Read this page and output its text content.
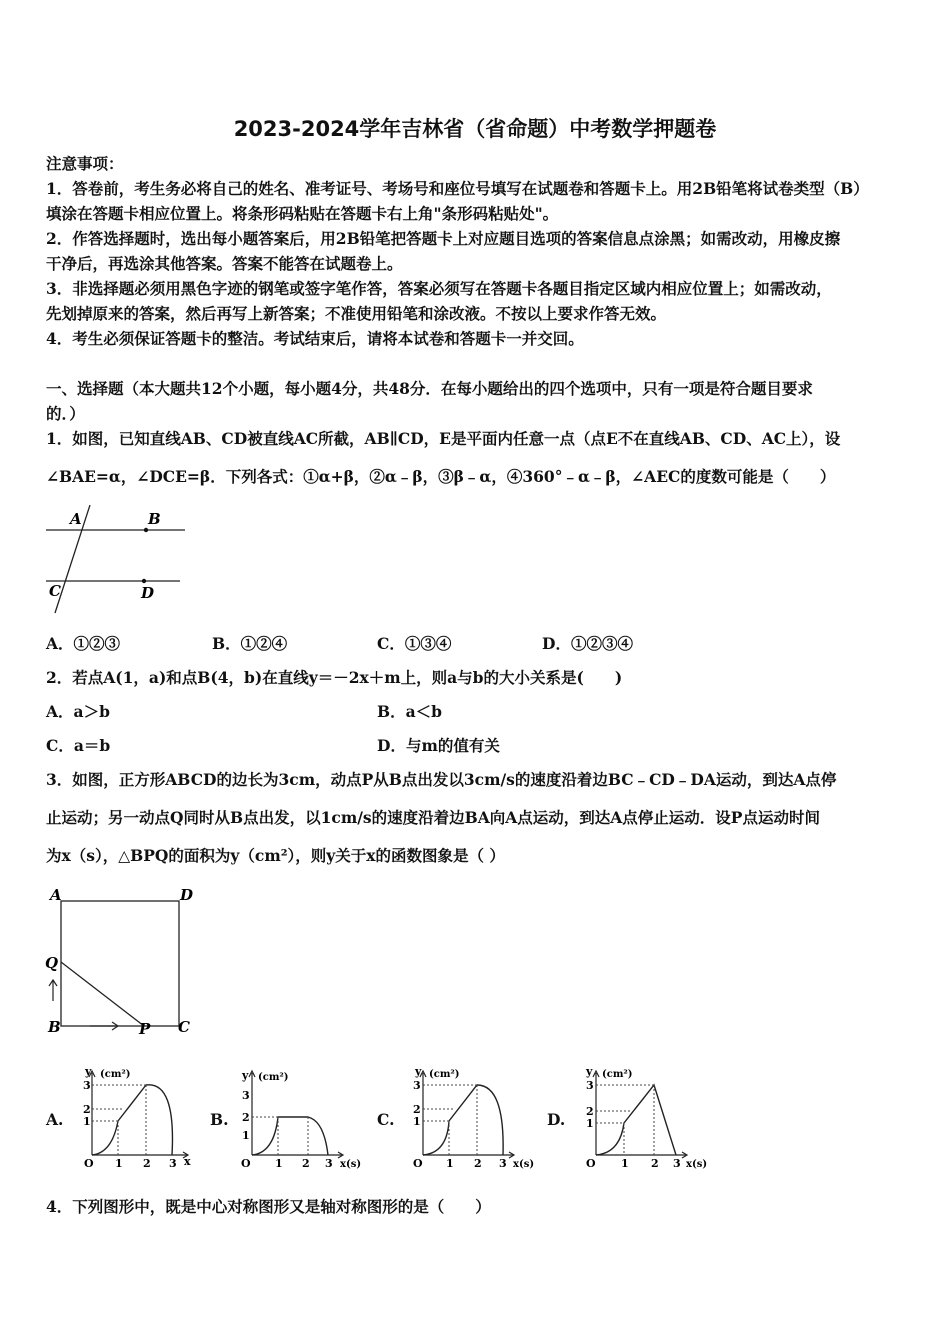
2023-2024学年吉林省（省命题）中考数学押题卷
注意事项：
1．答卷前，考生务必将自己的姓名、准考证号、考场号和座位号填写在试题卷和答题卡上。用2B铅笔将试卷类型（B）
填涂在答题卡相应位置上。将条形码粘贴在答题卡右上角"条形码粘贴处"。
2．作答选择题时，选出每小题答案后，用2B铅笔把答题卡上对应题目选项的答案信息点涂黑；如需改动，用橡皮擦
干净后，再选涂其他答案。答案不能答在试题卷上。
3．非选择题必须用黑色字迹的钢笔或签字笔作答，答案必须写在答题卡各题目指定区域内相应位置上；如需改动，
先划掉原来的答案，然后再写上新答案；不准使用铅笔和涂改液。不按以上要求作答无效。
4．考生必须保证答题卡的整洁。考试结束后，请将本试卷和答题卡一并交回。
一、选择题（本大题共12个小题，每小题4分，共48分．在每小题给出的四个选项中，只有一项是符合题目要求
的．）
1．如图，已知直线AB、CD被直线AC所截，AB∥CD，E是平面内任意一点（点E不在直线AB、CD、AC上），设
∠BAE=α，∠DCE=β．下列各式：①α+β，②α﹣β，③β﹣α，④360°﹣α﹣β，∠AEC的度数可能是（　　）
A	B
C	D
A．①②③	B．①②④	C．①③④	D．①②③④
2．若点A(1，a)和点B(4，b)在直线y＝－2x＋m上，则a与b的大小关系是(　　)
A．a＞b	B．a＜b
C．a＝b	D．与m的值有关
3．如图，正方形ABCD的边长为3cm，动点P从B点出发以3cm/s的速度沿着边BC﹣CD﹣DA运动，到达A点停
止运动；另一动点Q同时从B点出发，以1cm/s的速度沿着边BA向A点运动，到达A点停止运动．设P点运动时间
为x（s），△BPQ的面积为y（cm²），则y关于x的函数图象是（ ）
A	D
Q
B	P C
A.	B.	C.	D.
y (cm²)
1
2
3
O 1 2 3 x
y (cm²)
1
2
3
O 1 2 3 x(s)
y (cm²)
1
2
3
O 1 2 3 x(s)
y (cm²)
1
2
3
O 1 2 3 x(s)
4．下列图形中，既是中心对称图形又是轴对称图形的是（　　）
